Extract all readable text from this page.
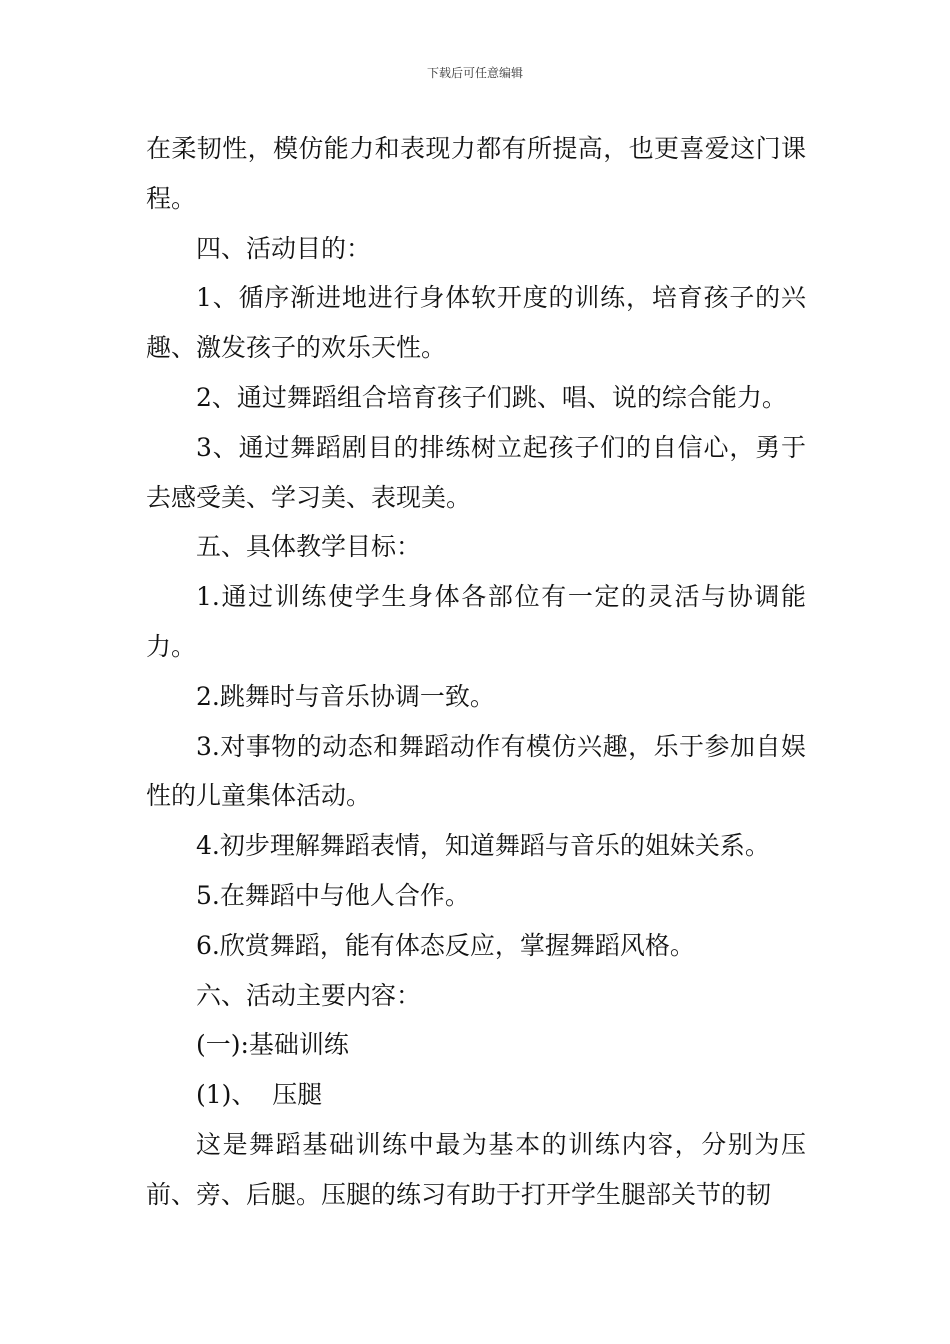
下载后可任意编辑

在柔韧性，模仿能力和表现力都有所提高，也更喜爱这门课程。

四、活动目的：

1、循序渐进地进行身体软开度的训练，培育孩子的兴趣、激发孩子的欢乐天性。

2、通过舞蹈组合培育孩子们跳、唱、说的综合能力。

3、通过舞蹈剧目的排练树立起孩子们的自信心，勇于去感受美、学习美、表现美。

五、具体教学目标：

1.通过训练使学生身体各部位有一定的灵活与协调能力。

2.跳舞时与音乐协调一致。

3.对事物的动态和舞蹈动作有模仿兴趣，乐于参加自娱性的儿童集体活动。

4.初步理解舞蹈表情，知道舞蹈与音乐的姐妹关系。

5.在舞蹈中与他人合作。

6.欣赏舞蹈，能有体态反应，掌握舞蹈风格。

六、活动主要内容：

(一):基础训练

(1)、  压腿

这是舞蹈基础训练中最为基本的训练内容，分别为压前、旁、后腿。压腿的练习有助于打开学生腿部关节的韧
